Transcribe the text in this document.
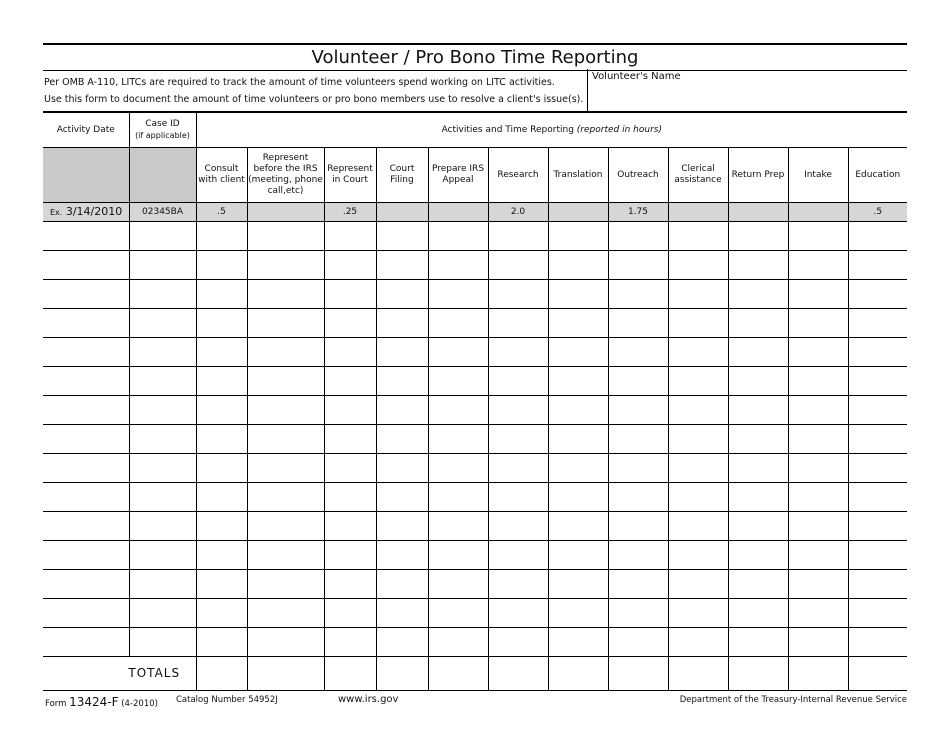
Volunteer / Pro Bono Time Reporting
Per OMB A-110, LITCs are required to track the amount of time volunteers spend working on LITC activities.
Use this form to document the amount of time volunteers or pro bono members use to resolve a client's issue(s).
Volunteer's Name
Activity Date	Case ID
(if applicable)	Activities and Time Reporting (reported in hours)											
		Consult with client	Represent before the IRS (meeting, phone call,etc)	Represent in Court	Court Filing	Prepare IRS Appeal	Research	Translation	Outreach	Clerical assistance	Return Prep	Intake	Education
Ex. 3/14/2010	02345BA	.5		.25			2.0		1.75				.5

TOTALS													
Form 13424-F (4-2010) Catalog Number 54952J	www.irs.gov	Department of the Treasury-Internal Revenue Service
